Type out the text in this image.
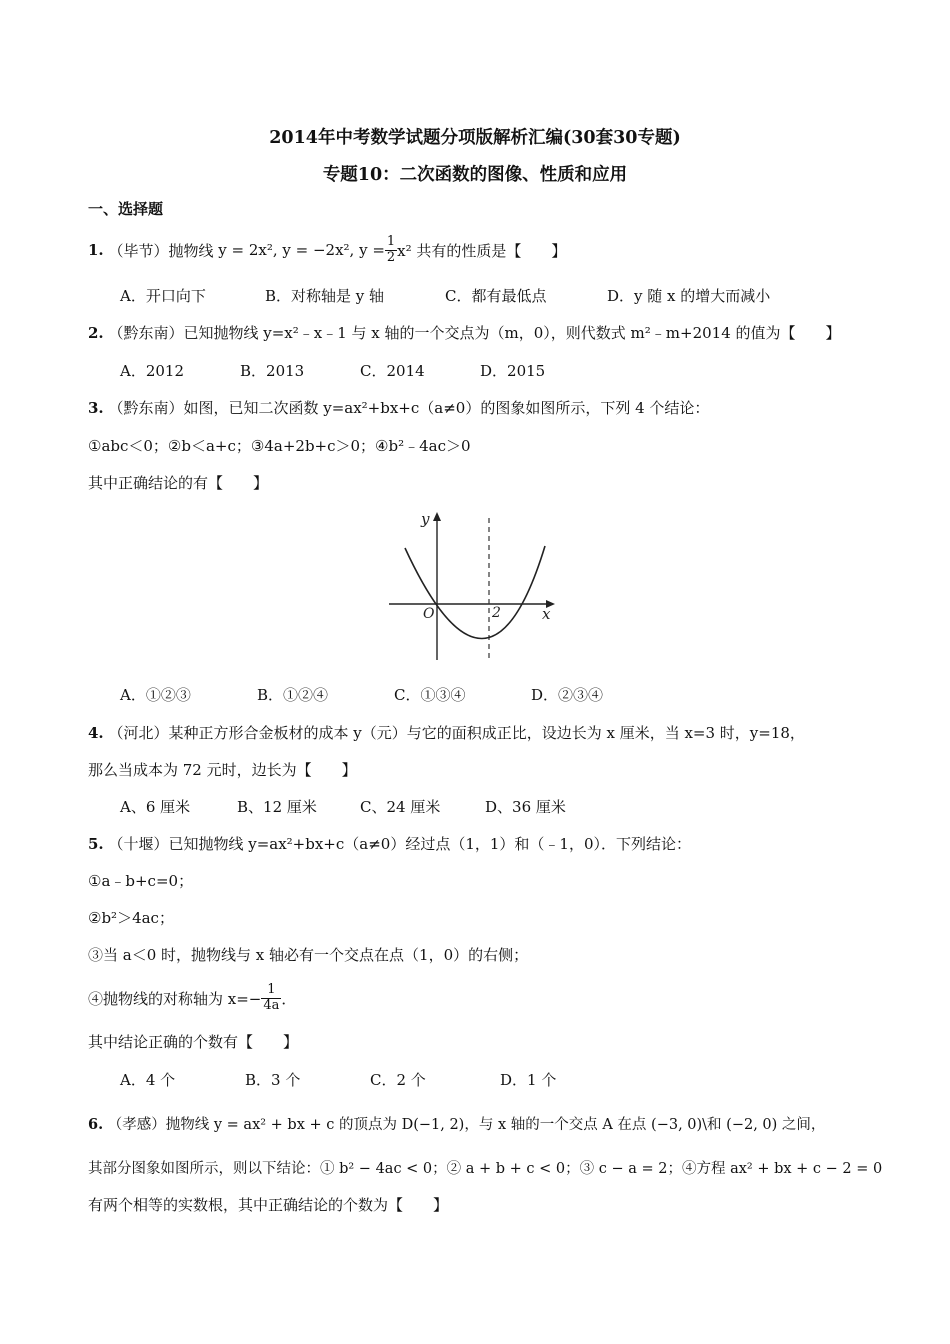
2014年中考数学试题分项版解析汇编(30套30专题)
专题10：二次函数的图像、性质和应用
一、选择题
1.
（毕节）抛物线
y = 2x², y = −2x², $y = \frac{1}{2} x^2$ 共有的性质是【　　】
A．开口向下	B．对称轴是 y 轴	C．都有最低点	D．y 随 x 的增大而减小
2. （黔东南）已知抛物线 y=x²﹣x﹣1 与 x 轴的一个交点为（m，0），则代数式 m²﹣m+2014 的值为【　　】
A．2012	B．2013	C．2014	D．2015
3. （黔东南）如图，已知二次函数 y=ax²+bx+c（a≠0）的图象如图所示，下列 4 个结论：
①abc＜0；②b＜a+c；③4a+2b+c＞0；④b²﹣4ac＞0
其中正确结论的有【　　】
y
x
O	2
A．①②③	B．①②④	C．①③④	D．②③④
4. （河北）某种正方形合金板材的成本 y（元）与它的面积成正比，设边长为 x 厘米，当 x=3 时，y=18，
那么当成本为 72 元时，边长为【　　】
A、6 厘米	B、12 厘米	C、24 厘米	D、36 厘米
5. （十堰）已知抛物线 y=ax²+bx+c（a≠0）经过点（1，1）和（﹣1，0）．下列结论：
①a﹣b+c=0；
②b²＞4ac；
③当 a＜0 时，抛物线与 x 轴必有一个交点在点（1，0）的右侧；
④抛物线的对称轴为 $x=- \frac{1}{4a}$ ．
其中结论正确的个数有【　　】
A．4 个	B．3 个	C．2 个	D．1 个
6. （孝感）抛物线 y = ax² + bx + c 的顶点为 D(−1, 2)，与 x 轴的一个交点 A 在点 (−3, 0)\和 (−2, 0) 之间，
其部分图象如图所示，则以下结论：① b² − 4ac < 0；② a + b + c < 0；③ c − a = 2；④方程 ax² + bx + c − 2 = 0
有两个相等的实数根，其中正确结论的个数为【　　】
